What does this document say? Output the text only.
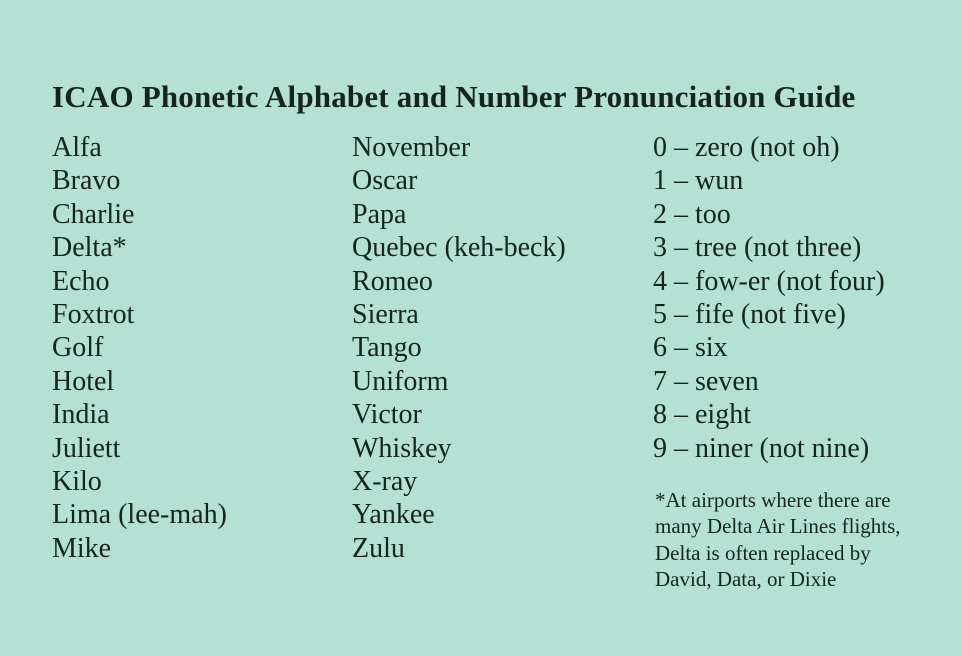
ICAO Phonetic Alphabet and Number Pronunciation Guide
Alfa
Bravo
Charlie
Delta*
Echo
Foxtrot
Golf
Hotel
India
Juliett
Kilo
Lima (lee-mah)
Mike
November
Oscar
Papa
Quebec (keh-beck)
Romeo
Sierra
Tango
Uniform
Victor
Whiskey
X-ray
Yankee
Zulu
0 – zero (not oh)
1 – wun
2 – too
3 – tree (not three)
4 – fow-er (not four)
5 – fife (not five)
6 – six
7 – seven
8 – eight
9 – niner (not nine)
*At airports where there are
many Delta Air Lines flights,
Delta is often replaced by
David, Data, or Dixie
